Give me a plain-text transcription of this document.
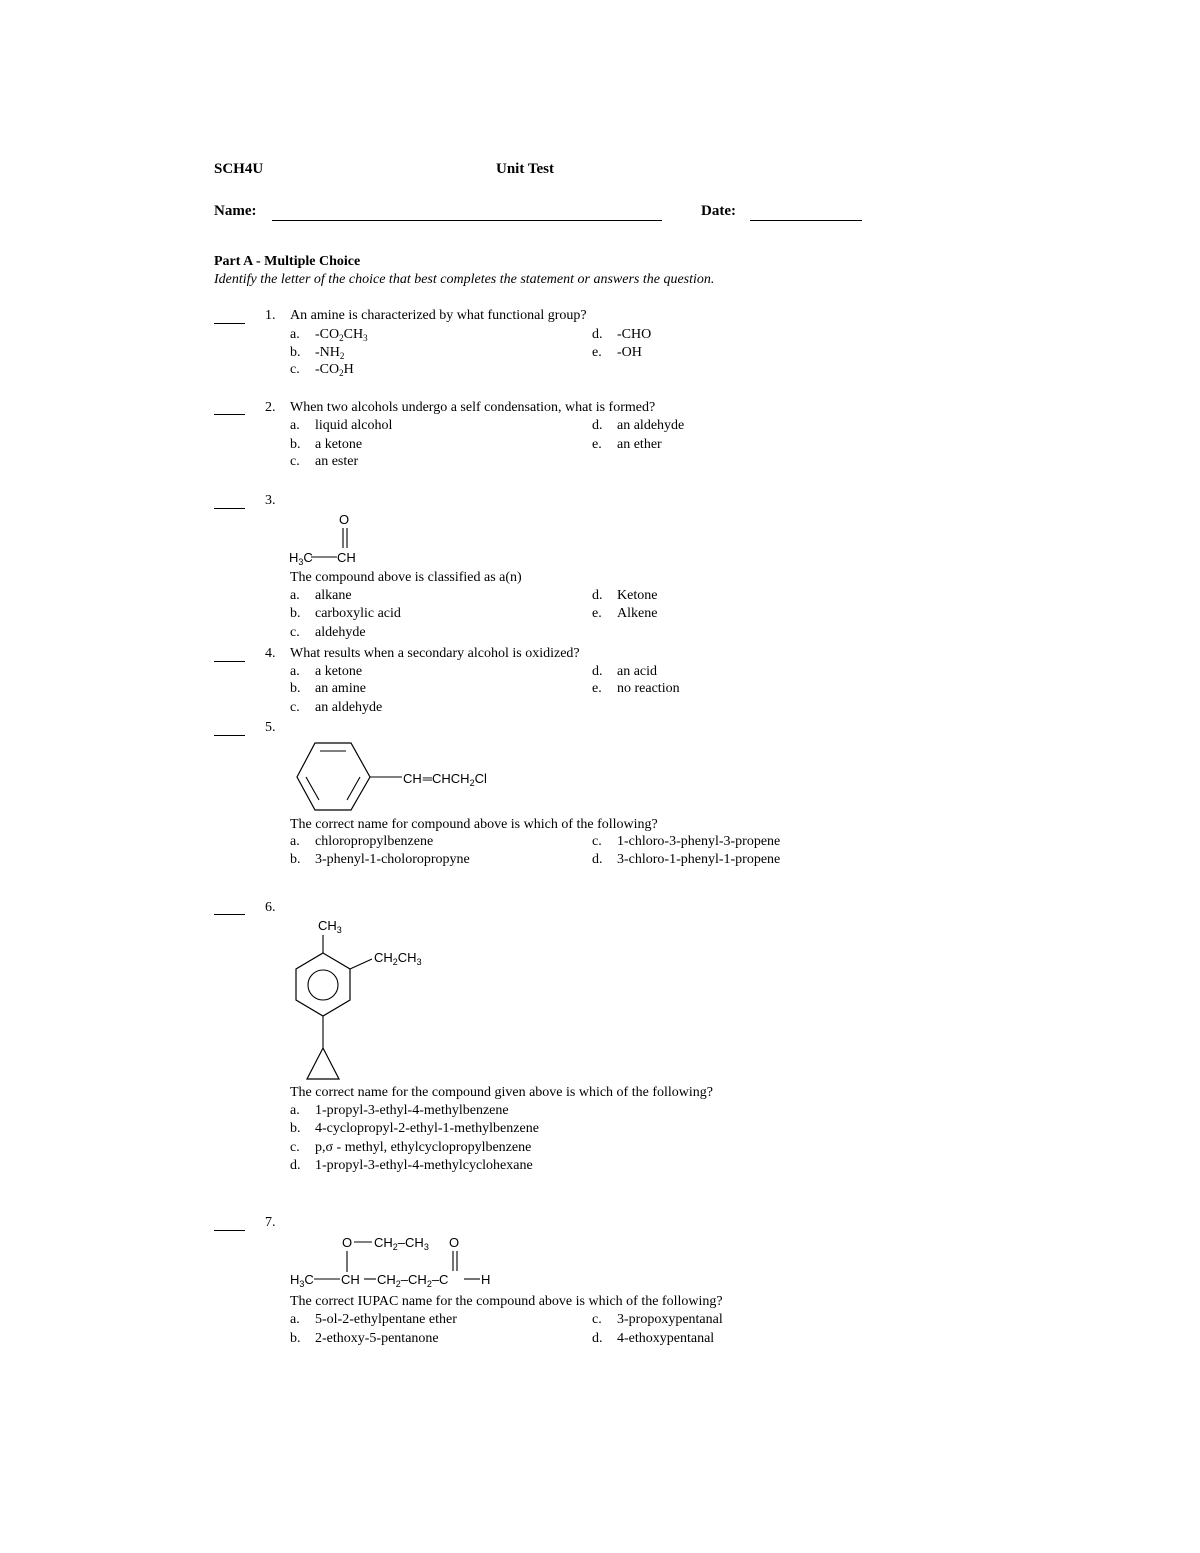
SCH4U	Unit Test
Name:	Date:
Part A - Multiple Choice
Identify the letter of the choice that best completes the statement or answers the question.
1. An amine is characterized by what functional group?
a. $-CO_2CH_3$
b. $-NH_2$
c. $-CO_2H$
d. -CHO
e. -OH
2. When two alcohols undergo a self condensation, what is formed?
a. liquid alcohol
b. a ketone
c. an ester
d. an aldehyde
e. an ether
3.
O
$H_3C$ CH
The compound above is classified as a(n)
a. alkane
b. carboxylic acid
c. aldehyde
d. Ketone
e. Alkene
4. What results when a secondary alcohol is oxidized?
a. a ketone
b. an amine
c. an aldehyde
d. an acid
e. no reaction
5.
$CH═CHCH_2Cl$
The correct name for compound above is which of the following?
a. chloropropylbenzene
b. 3-phenyl-1-choloropropyne
c. 1-chloro-3-phenyl-3-propene
d. 3-chloro-1-phenyl-1-propene
6.
$CH_3$
$CH_2CH_3$
The correct name for the compound given above is which of the following?
a. 1-propyl-3-ethyl-4-methylbenzene
b. 4-cyclopropyl-2-ethyl-1-methylbenzene
c. p,σ - methyl, ethylcyclopropylbenzene
d. 1-propyl-3-ethyl-4-methylcyclohexane
7.
O $CH_2-CH_3$ O
$H_3C$ CH $CH_2-CH_2-C$	H
The correct IUPAC name for the compound above is which of the following?
a. 5-ol-2-ethylpentane ether
b. 2-ethoxy-5-pentanone
c. 3-propoxypentanal
d. 4-ethoxypentanal
